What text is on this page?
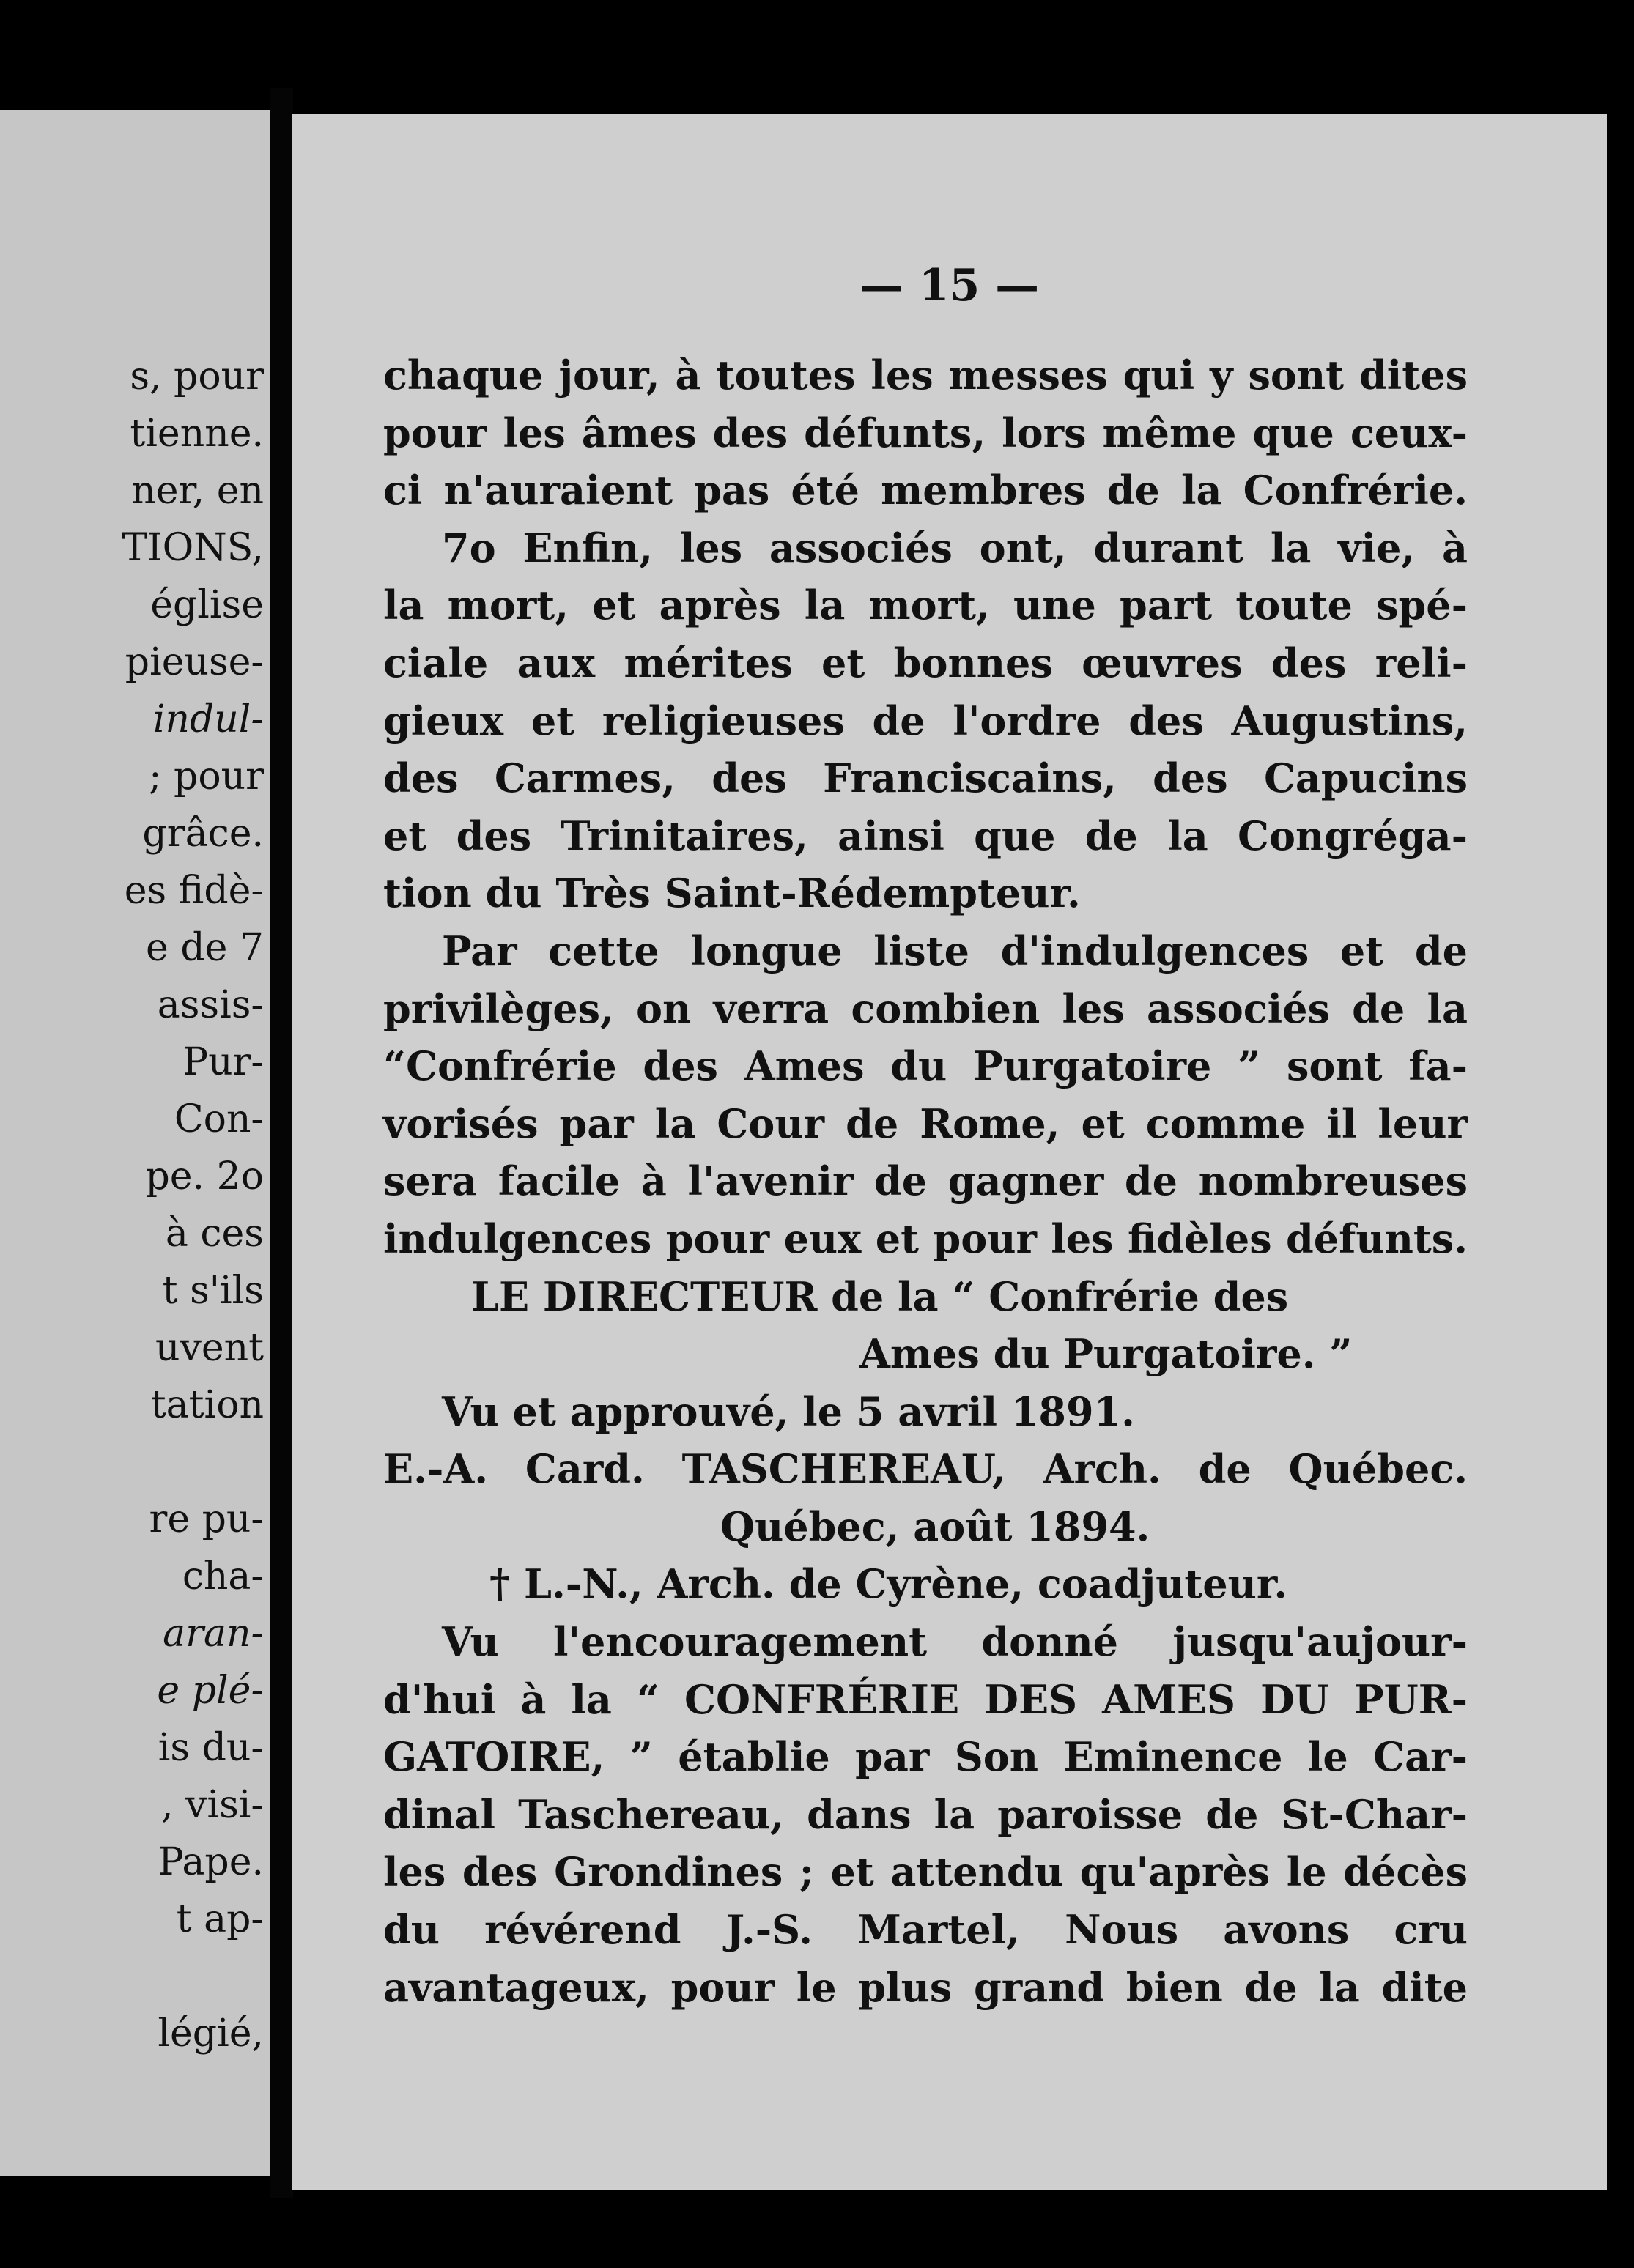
s, pour
tienne.
ner, en
TIONS,
église
pieuse-
indul-
; pour
grâce.
es fidè-
e de 7
assis-
Pur-
Con-
pe. 2o
à ces
t s'ils
uvent
tation
re pu-
cha-
aran-
e plé-
is du-
, visi-
Pape.
t ap-
légié,
— 15 —
chaque jour, à toutes les messes qui y sont dites
pour les âmes des défunts, lors même que ceux-
ci n'auraient pas été membres de la Confrérie.
7o Enfin, les associés ont, durant la vie, à
la mort, et après la mort, une part toute spé-
ciale aux mérites et bonnes œuvres des reli-
gieux et religieuses de l'ordre des Augustins,
des Carmes, des Franciscains, des Capucins
et des Trinitaires, ainsi que de la Congréga-
tion du Très Saint-Rédempteur.
Par cette longue liste d'indulgences et de
privilèges, on verra combien les associés de la
“Confrérie des Ames du Purgatoire ” sont fa-
vorisés par la Cour de Rome, et comme il leur
sera facile à l'avenir de gagner de nombreuses
indulgences pour eux et pour les fidèles défunts.
LE DIRECTEUR de la “ Confrérie des
Ames du Purgatoire. ”
Vu et approuvé, le 5 avril 1891.
E.-A. Card. TASCHEREAU, Arch. de Québec.
Québec, août 1894.
† L.-N., Arch. de Cyrène, coadjuteur.
Vu l'encouragement donné jusqu'aujour-
d'hui à la “ CONFRÉRIE DES AMES DU PUR-
GATOIRE, ” établie par Son Eminence le Car-
dinal Taschereau, dans la paroisse de St-Char-
les des Grondines ; et attendu qu'après le décès
du révérend J.-S. Martel, Nous avons cru
avantageux, pour le plus grand bien de la dite
